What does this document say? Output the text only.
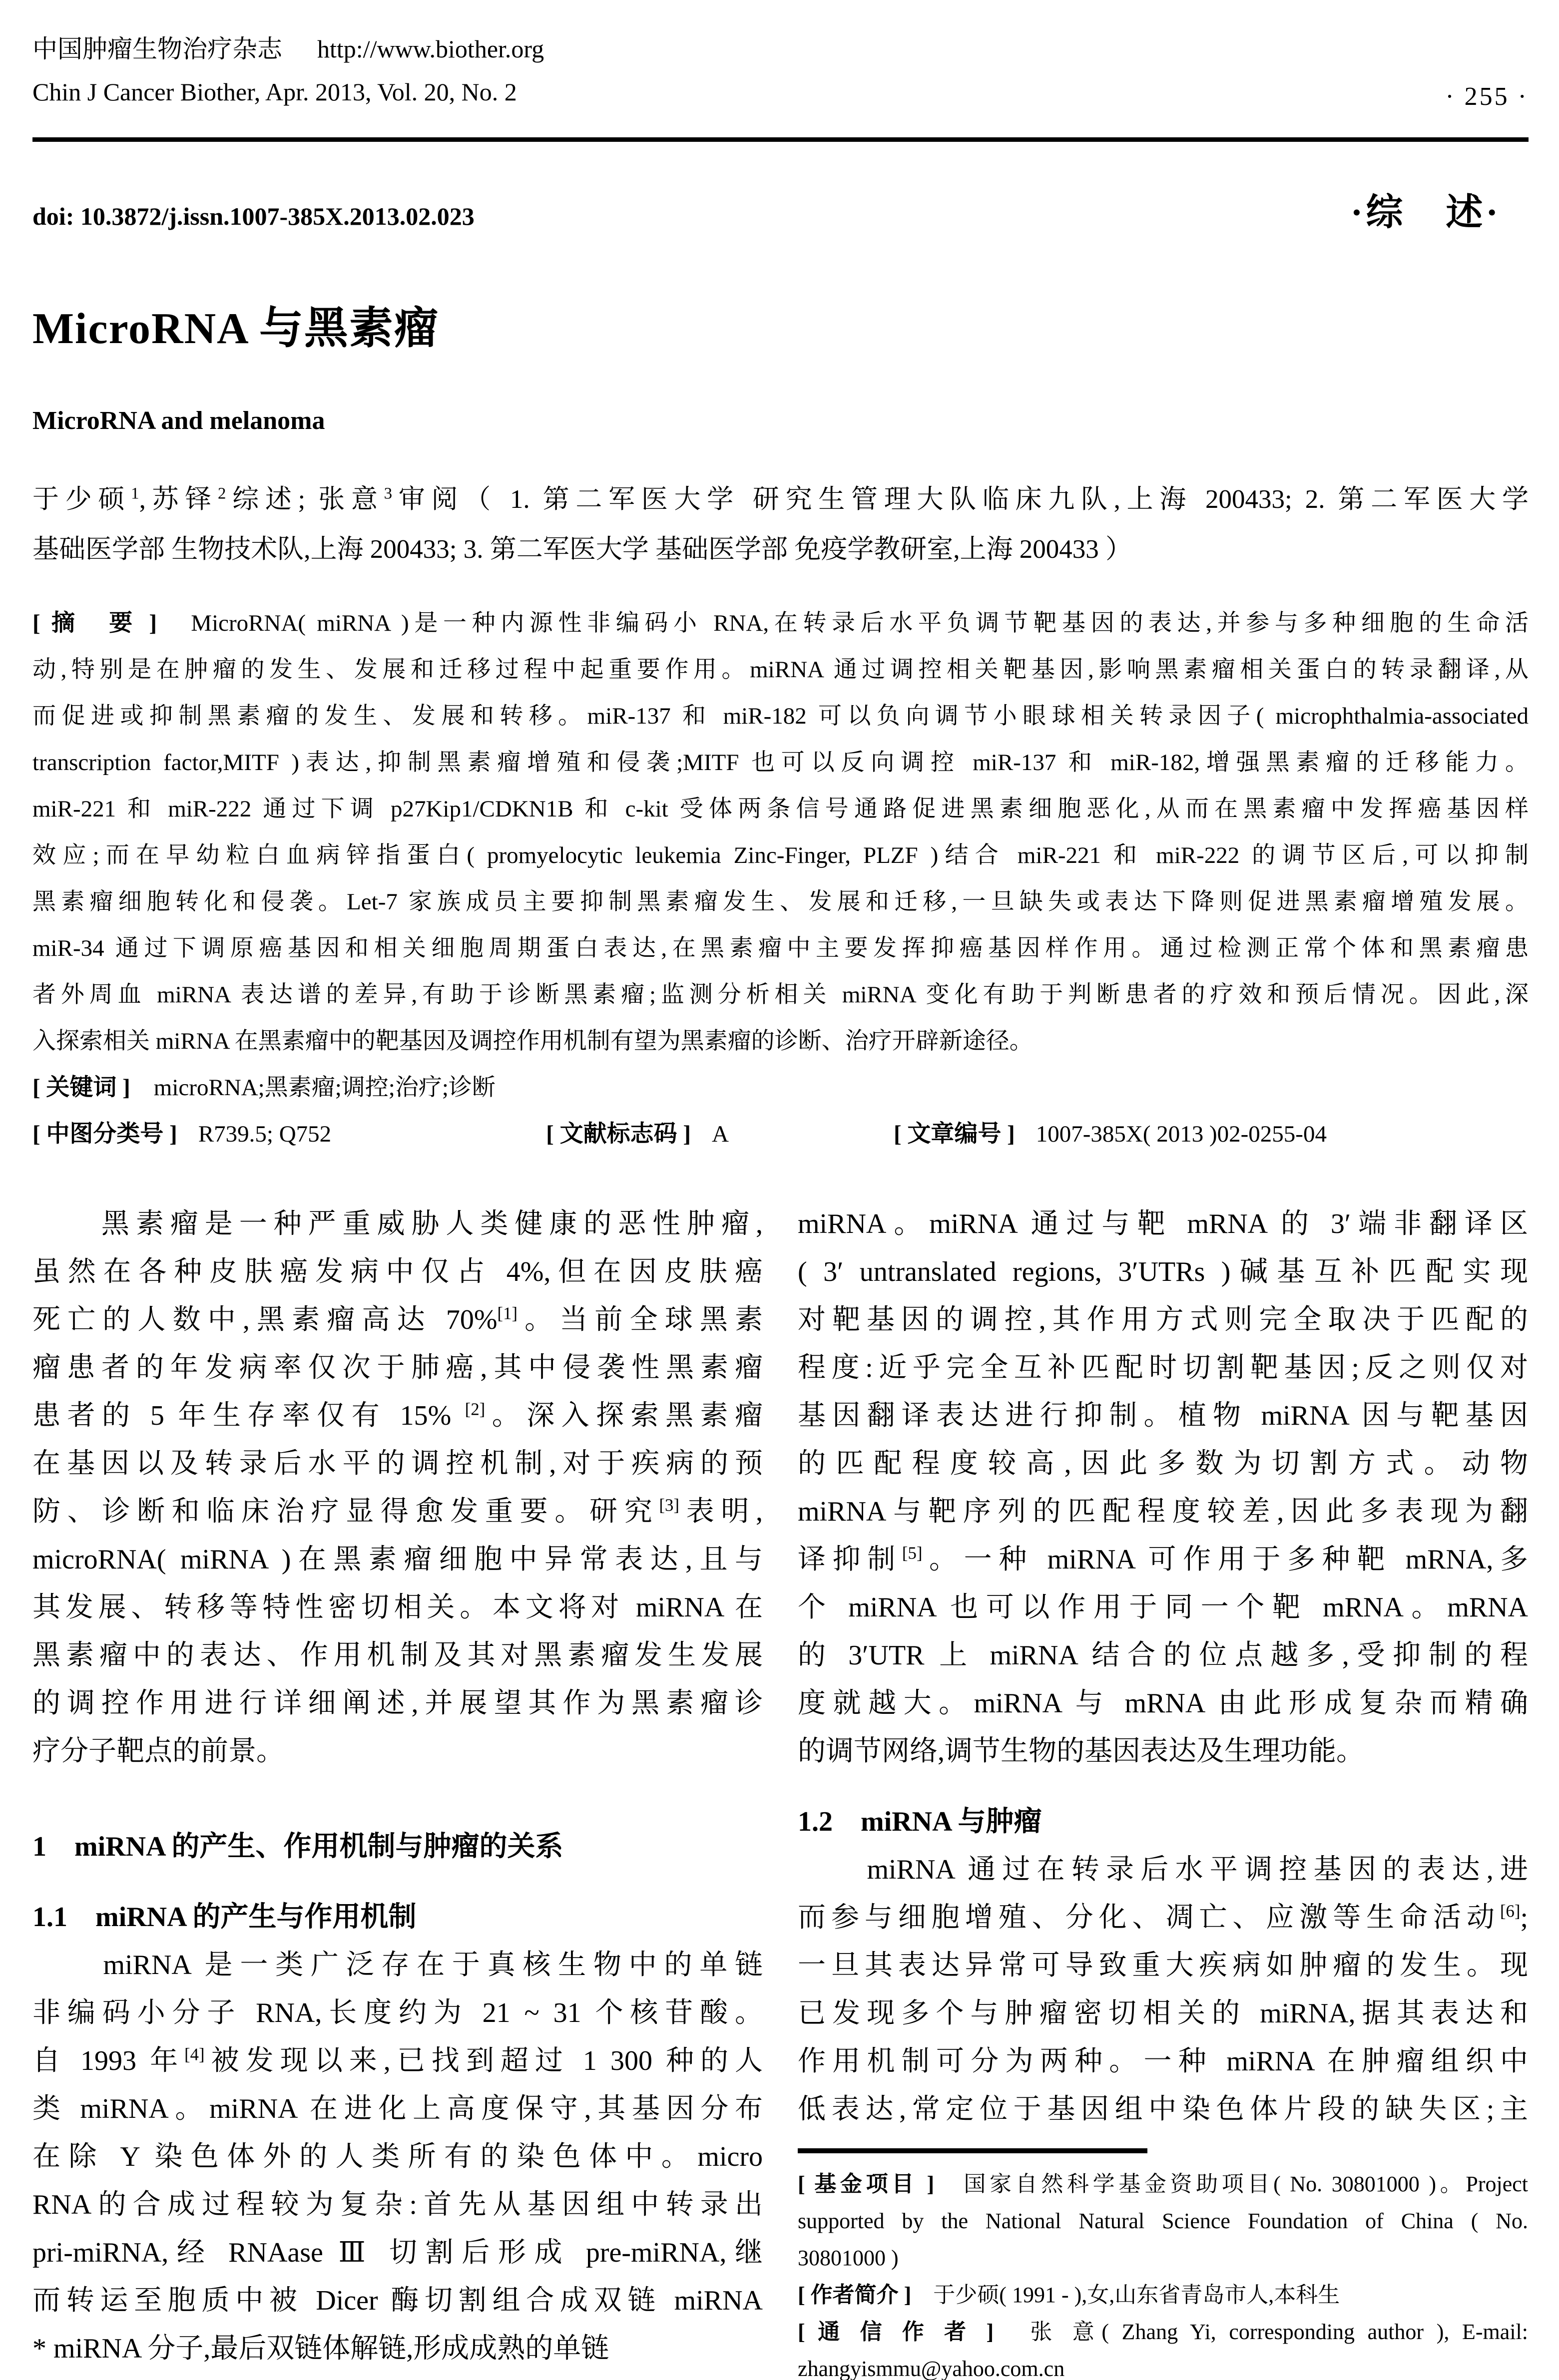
中国肿瘤生物治疗杂志 http://www.biother.org
Chin J Cancer Biother, Apr. 2013, Vol. 20, No. 2	· 255 ·
doi: 10.3872/j.issn.1007-385X.2013.02.023	·综　述·
MicroRNA 与黑素瘤
MicroRNA and melanoma
于少硕$^1$,苏铎$^2$综述; 张意$^3$审阅（ 1. 第二军医大学 研究生管理大队临床九队,上海 200433; 2. 第二军医大学
基础医学部 生物技术队,上海 200433; 3. 第二军医大学 基础医学部 免疫学教研室,上海 200433 ）
[ 摘　要 ]　MicroRNA( miRNA )是一种内源性非编码小 RNA,在转录后水平负调节靶基因的表达,并参与多种细胞的生命活
动,特别是在肿瘤的发生、发展和迁移过程中起重要作用。miRNA 通过调控相关靶基因,影响黑素瘤相关蛋白的转录翻译,从
而促进或抑制黑素瘤的发生、发展和转移。miR-137 和 miR-182 可以负向调节小眼球相关转录因子( microphthalmia-associated
transcription factor,MITF )表达,抑制黑素瘤增殖和侵袭;MITF 也可以反向调控 miR-137 和 miR-182,增强黑素瘤的迁移能力。
miR-221 和 miR-222 通过下调 p27Kip1/CDKN1B 和 c-kit 受体两条信号通路促进黑素细胞恶化,从而在黑素瘤中发挥癌基因样
效应;而在早幼粒白血病锌指蛋白( promyelocytic leukemia Zinc-Finger, PLZF )结合 miR-221 和 miR-222 的调节区后,可以抑制
黑素瘤细胞转化和侵袭。Let-7 家族成员主要抑制黑素瘤发生、发展和迁移,一旦缺失或表达下降则促进黑素瘤增殖发展。
miR-34 通过下调原癌基因和相关细胞周期蛋白表达,在黑素瘤中主要发挥抑癌基因样作用。通过检测正常个体和黑素瘤患
者外周血 miRNA 表达谱的差异,有助于诊断黑素瘤;监测分析相关 miRNA 变化有助于判断患者的疗效和预后情况。因此,深
入探索相关 miRNA 在黑素瘤中的靶基因及调控作用机制有望为黑素瘤的诊断、治疗开辟新途径。
[ 关键词 ]　microRNA;黑素瘤;调控;治疗;诊断
[ 中图分类号 ] R739.5; Q752	[ 文献标志码 ] A	[ 文章编号 ] 1007-385X( 2013 )02-0255-04
　　黑素瘤是一种严重威胁人类健康的恶性肿瘤,
虽然在各种皮肤癌发病中仅占 4%,但在因皮肤癌
死亡的人数中,黑素瘤高达 70%[1]。当前全球黑素
瘤患者的年发病率仅次于肺癌,其中侵袭性黑素瘤
患者的 5 年生存率仅有 15% [2]。深入探索黑素瘤
在基因以及转录后水平的调控机制,对于疾病的预
防、诊断和临床治疗显得愈发重要。研究[3]表明,
microRNA( miRNA )在黑素瘤细胞中异常表达,且与
其发展、转移等特性密切相关。本文将对 miRNA 在
黑素瘤中的表达、作用机制及其对黑素瘤发生发展
的调控作用进行详细阐述,并展望其作为黑素瘤诊
疗分子靶点的前景。
1　miRNA 的产生、作用机制与肿瘤的关系
1.1　miRNA 的产生与作用机制
　　miRNA 是一类广泛存在于真核生物中的单链
非编码小分子 RNA,长度约为 21 ~ 31 个核苷酸。
自 1993 年[4]被发现以来,已找到超过 1 300 种的人
类 miRNA。miRNA 在进化上高度保守,其基因分布
在除 Y 染色体外的人类所有的染色体中。micro
RNA的合成过程较为复杂:首先从基因组中转录出
pri-miRNA,经 RNAase Ⅲ 切割后形成 pre-miRNA,继
而转运至胞质中被 Dicer 酶切割组合成双链 miRNA
* miRNA 分子,最后双链体解链,形成成熟的单链
miRNA。miRNA 通过与靶 mRNA 的 3′端非翻译区
( 3′ untranslated regions, 3′UTRs )碱基互补匹配实现
对靶基因的调控,其作用方式则完全取决于匹配的
程度:近乎完全互补匹配时切割靶基因;反之则仅对
基因翻译表达进行抑制。植物 miRNA 因与靶基因
的匹配程度较高,因此多数为切割方式。动物
miRNA与靶序列的匹配程度较差,因此多表现为翻
译抑制[5]。一种 miRNA 可作用于多种靶 mRNA,多
个 miRNA 也可以作用于同一个靶 mRNA。mRNA
的 3′UTR 上 miRNA 结合的位点越多,受抑制的程
度就越大。miRNA 与 mRNA 由此形成复杂而精确
的调节网络,调节生物的基因表达及生理功能。
1.2　miRNA 与肿瘤
　　miRNA 通过在转录后水平调控基因的表达,进
而参与细胞增殖、分化、凋亡、应激等生命活动[6];
一旦其表达异常可导致重大疾病如肿瘤的发生。现
已发现多个与肿瘤密切相关的 miRNA,据其表达和
作用机制可分为两种。一种 miRNA 在肿瘤组织中
低表达,常定位于基因组中染色体片段的缺失区;主
[ 基金项目 ]　国家自然科学基金资助项目( No. 30801000 )。Project
supported by the National Natural Science Foundation of China ( No.
30801000 )
[ 作者简介 ]　于少硕( 1991 - ),女,山东省青岛市人,本科生
[ 通 信 作 者 ]　张 意( Zhang Yi, corresponding author ), E-mail:
zhangyismmu@yahoo.com.cn
